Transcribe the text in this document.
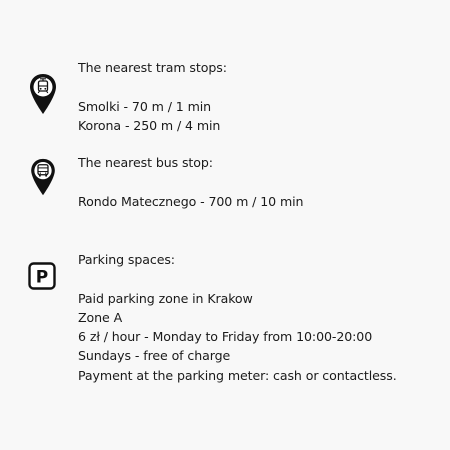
The nearest tram stops:
Smolki - 70 m / 1 min
Korona - 250 m / 4 min
The nearest bus stop:
Rondo Matecznego - 700 m / 10 min
P
Parking spaces:
Paid parking zone in Krakow
Zone A
6 zł / hour - Monday to Friday from 10:00-20:00
Sundays - free of charge
Payment at the parking meter: cash or contactless.
